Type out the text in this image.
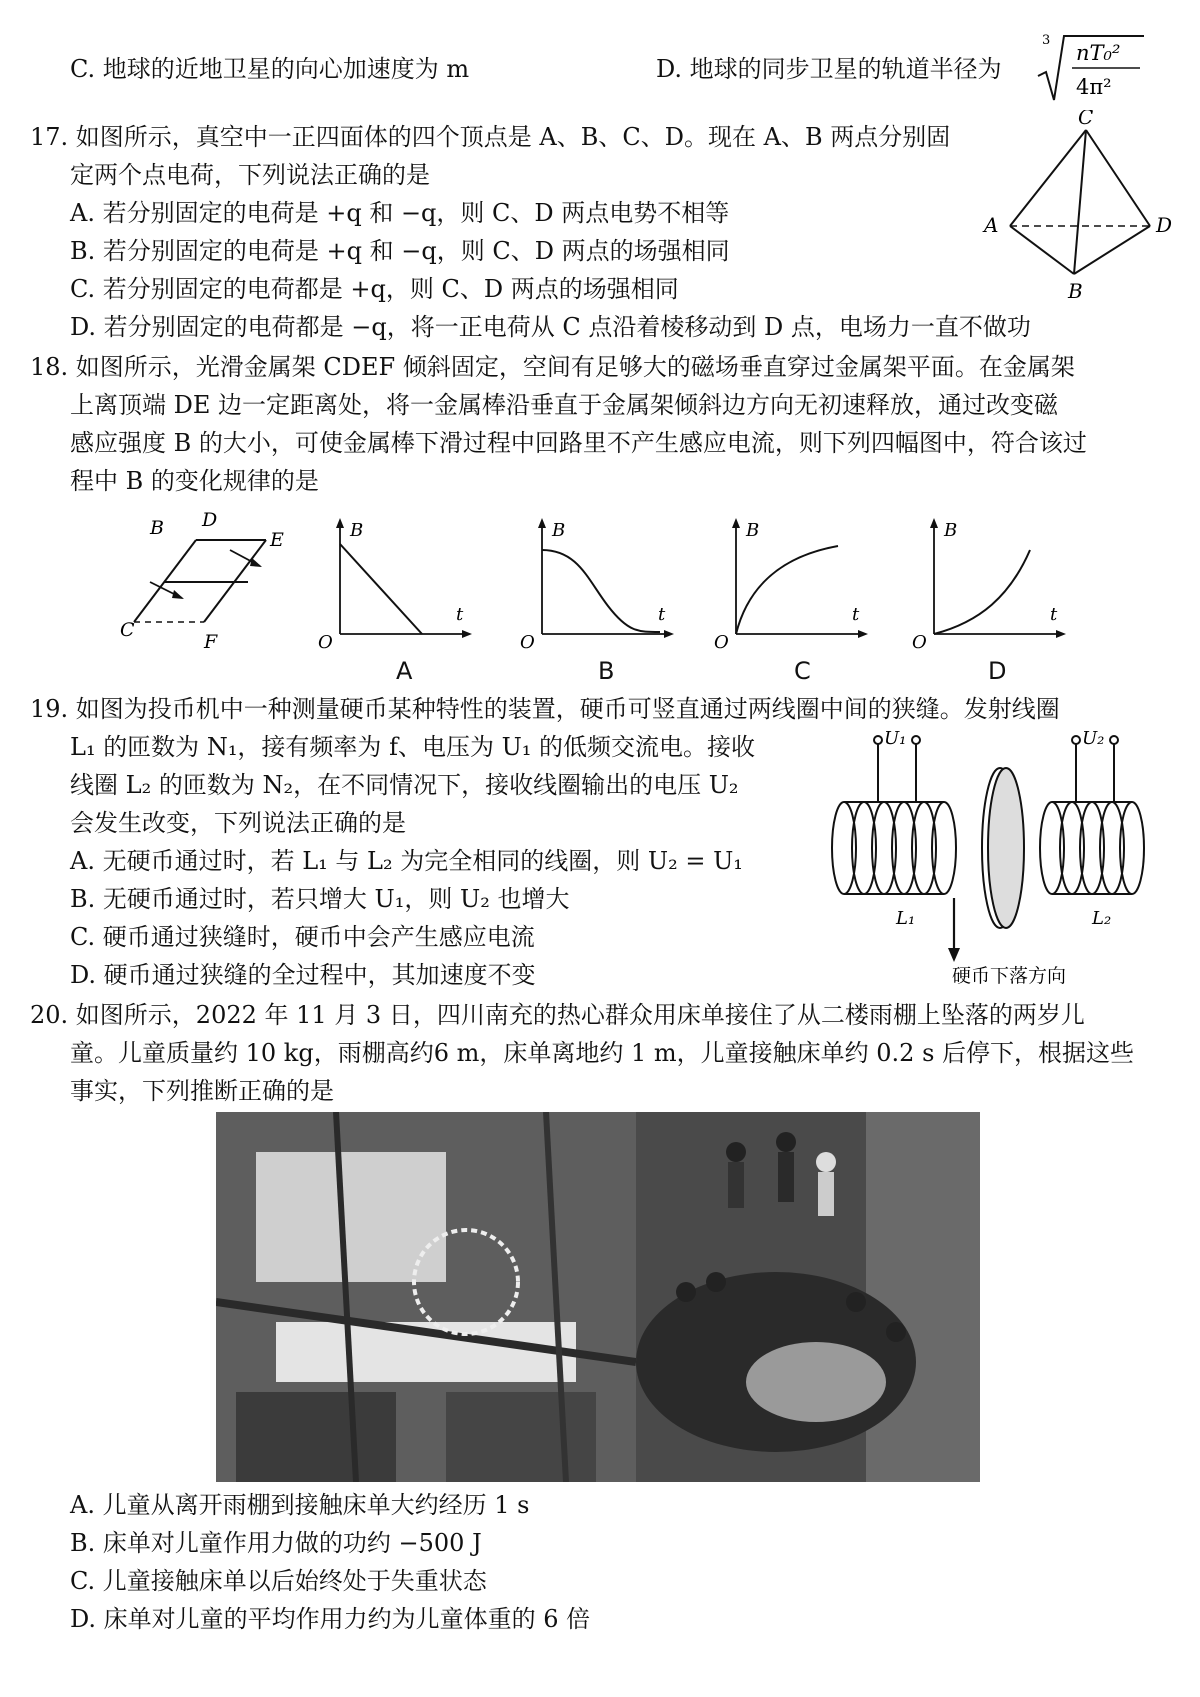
C. 地球的近地卫星的向心加速度为 m	D. 地球的同步卫星的轨道半径为
3
nT₀²
4π²
17. 如图所示，真空中一正四面体的四个顶点是 A、B、C、D。现在 A、B 两点分别固
定两个点电荷，下列说法正确的是
A. 若分别固定的电荷是 +q 和 −q，则 C、D 两点电势不相等
B. 若分别固定的电荷是 +q 和 −q，则 C、D 两点的场强相同
C. 若分别固定的电荷都是 +q，则 C、D 两点的场强相同
D. 若分别固定的电荷都是 −q，将一正电荷从 C 点沿着棱移动到 D 点，电场力一直不做功
C
A	D
B
18. 如图所示，光滑金属架 CDEF 倾斜固定，空间有足够大的磁场垂直穿过金属架平面。在金属架
上离顶端 DE 边一定距离处，将一金属棒沿垂直于金属架倾斜边方向无初速释放，通过改变磁
感应强度 B 的大小，可使金属棒下滑过程中回路里不产生感应电流，则下列四幅图中，符合该过
程中 B 的变化规律的是
B D
E
C
F
B
t
O
B
t
O
B
t
O
B
t
O
A	B	C	D
19. 如图为投币机中一种测量硬币某种特性的装置，硬币可竖直通过两线圈中间的狭缝。发射线圈
L₁ 的匝数为 N₁，接有频率为 f、电压为 U₁ 的低频交流电。接收
线圈 L₂ 的匝数为 N₂，在不同情况下，接收线圈输出的电压 U₂
会发生改变，下列说法正确的是
A. 无硬币通过时，若 L₁ 与 L₂ 为完全相同的线圈，则 U₂ = U₁
B. 无硬币通过时，若只增大 U₁，则 U₂ 也增大
C. 硬币通过狭缝时，硬币中会产生感应电流
D. 硬币通过狭缝的全过程中，其加速度不变
U₁	U₂
L₁	L₂
硬币下落方向
20. 如图所示，2022 年 11 月 3 日，四川南充的热心群众用床单接住了从二楼雨棚上坠落的两岁儿
童。儿童质量约 10 kg，雨棚高约6 m，床单离地约 1 m，儿童接触床单约 0.2 s 后停下，根据这些
事实，下列推断正确的是
A. 儿童从离开雨棚到接触床单大约经历 1 s
B. 床单对儿童作用力做的功约 −500 J
C. 儿童接触床单以后始终处于失重状态
D. 床单对儿童的平均作用力约为儿童体重的 6 倍
